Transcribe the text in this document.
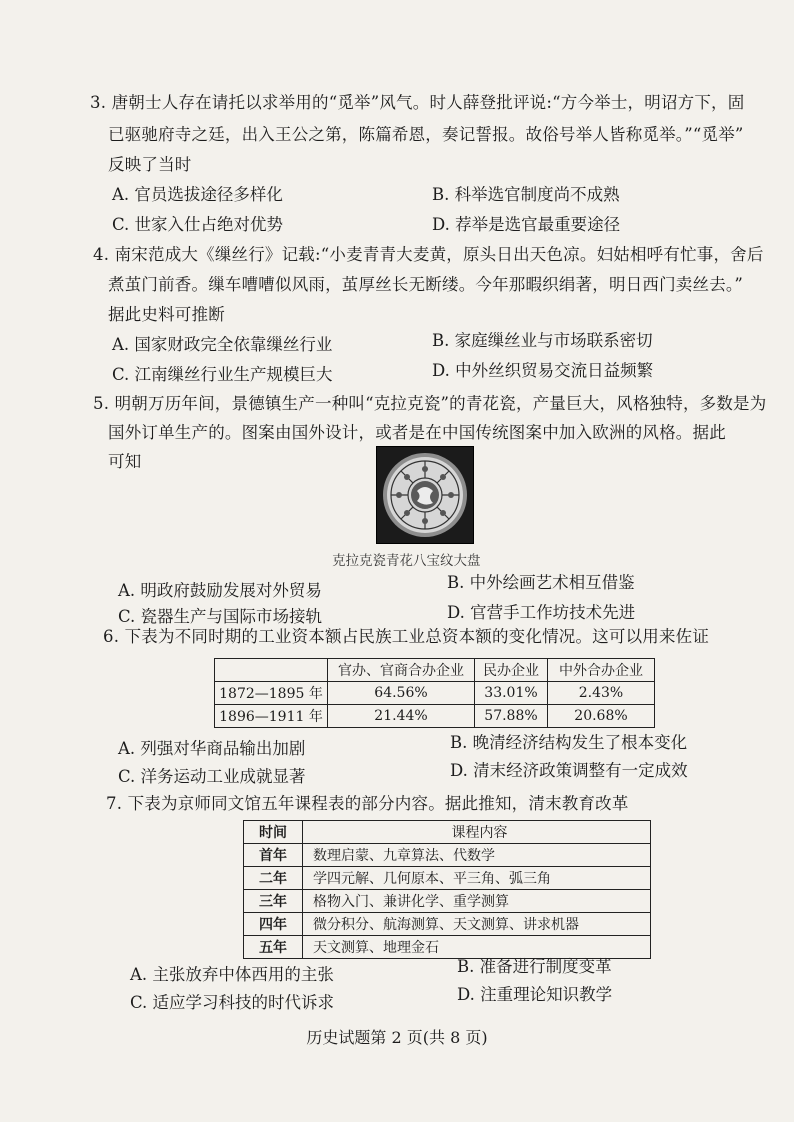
3. 唐朝士人存在请托以求举用的“觅举”风气。时人薛登批评说:“方今举士，明诏方下，固
已驱驰府寺之廷，出入王公之第，陈篇希恩，奏记誓报。故俗号举人皆称觅举。”“觅举”
反映了当时
A. 官员选拔途径多样化	B. 科举选官制度尚不成熟
C. 世家入仕占绝对优势	D. 荐举是选官最重要途径
4. 南宋范成大《缫丝行》记载:“小麦青青大麦黄，原头日出天色凉。妇姑相呼有忙事，舍后
煮茧门前香。缫车嘈嘈似风雨，茧厚丝长无断缕。今年那暇织绢著，明日西门卖丝去。”
据此史料可推断
A. 国家财政完全依靠缫丝行业	B. 家庭缫丝业与市场联系密切
C. 江南缫丝行业生产规模巨大	D. 中外丝织贸易交流日益频繁
5. 明朝万历年间，景德镇生产一种叫“克拉克瓷”的青花瓷，产量巨大，风格独特，多数是为
国外订单生产的。图案由国外设计，或者是在中国传统图案中加入欧洲的风格。据此
可知
克拉克瓷青花八宝纹大盘
A. 明政府鼓励发展对外贸易	B. 中外绘画艺术相互借鉴
C. 瓷器生产与国际市场接轨	D. 官营手工作坊技术先进
6. 下表为不同时期的工业资本额占民族工业总资本额的变化情况。这可以用来佐证
	官办、官商合办企业	民办企业	中外合办企业
1872—1895 年	64.56%	33.01%	2.43%
1896—1911 年	21.44%	57.88%	20.68%
A. 列强对华商品输出加剧	B. 晚清经济结构发生了根本变化
C. 洋务运动工业成就显著	D. 清末经济政策调整有一定成效
7. 下表为京师同文馆五年课程表的部分内容。据此推知，清末教育改革
时间	课程内容
首年	数理启蒙、九章算法、代数学
二年	学四元解、几何原本、平三角、弧三角
三年	格物入门、兼讲化学、重学测算
四年	微分积分、航海测算、天文测算、讲求机器
五年	天文测算、地理金石
A. 主张放弃中体西用的主张	B. 准备进行制度变革
C. 适应学习科技的时代诉求	D. 注重理论知识教学
历史试题第 2 页(共 8 页)
